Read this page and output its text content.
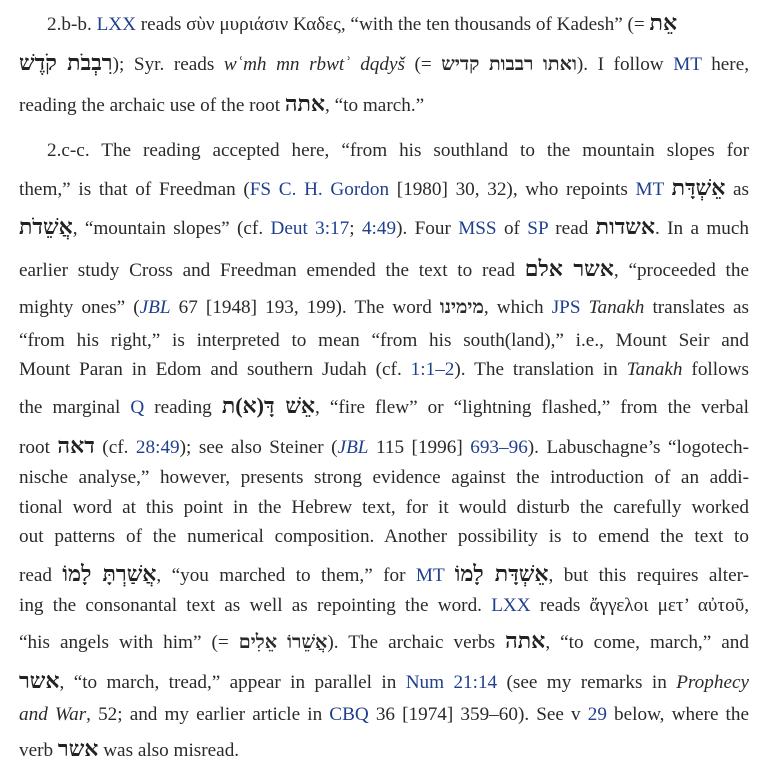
2.b-b. LXX reads σὺν μυριάσιν Καδες, “with the ten thousands of Kadesh” (= אֵת
רִבְבֹת קֹדֶשׁ); Syr. reads wʿmh mn rbwtʾ dqdyš (= ואתו רבבות קדיש). I follow MT here,
reading the archaic use of the root אתה, “to march.”
2.c-c. The reading accepted here, “from his southland to the mountain slopes for
them,” is that of Freedman (FS C. H. Gordon [1980] 30, 32), who repoints MT אֵשְׁדָּת as
אֲשֵׁדֹת, “mountain slopes” (cf. Deut 3:17; 4:49). Four MSS of SP read אשדות. In a much
earlier study Cross and Freedman emended the text to read אשר אלם, “proceeded the
mighty ones” (JBL 67 [1948] 193, 199). The word מימינו, which JPS Tanakh translates as
“from his right,” is interpreted to mean “from his south(land),” i.e., Mount Seir and
Mount Paran in Edom and southern Judah (cf. 1:1–2). The translation in Tanakh follows
the marginal Q reading אֵשׁ דָּ(א)ת, “fire flew” or “lightning flashed,” from the verbal
root דאה (cf. 28:49); see also Steiner (JBL 115 [1996] 693–96). Labuschagne’s “logotech-
nische analyse,” however, presents strong evidence against the introduction of an addi-
tional word at this point in the Hebrew text, for it would disturb the carefully worked
out patterns of the numerical composition. Another possibility is to emend the text to
read אֲשַׁרְתָּ לָמוֹ, “you marched to them,” for MT אֵשְׁדָּת לָמוֹ, but this requires alter-
ing the consonantal text as well as repointing the word. LXX reads ἄγγελοι μετ’ αὐτοῦ,
“his angels with him” (= אֲשֵׁרוֹ אֵלִים). The archaic verbs אתה, “to come, march,” and
אשר, “to march, tread,” appear in parallel in Num 21:14 (see my remarks in Prophecy
and War, 52; and my earlier article in CBQ 36 [1974] 359–60). See v 29 below, where the
verb אשר was also misread.
